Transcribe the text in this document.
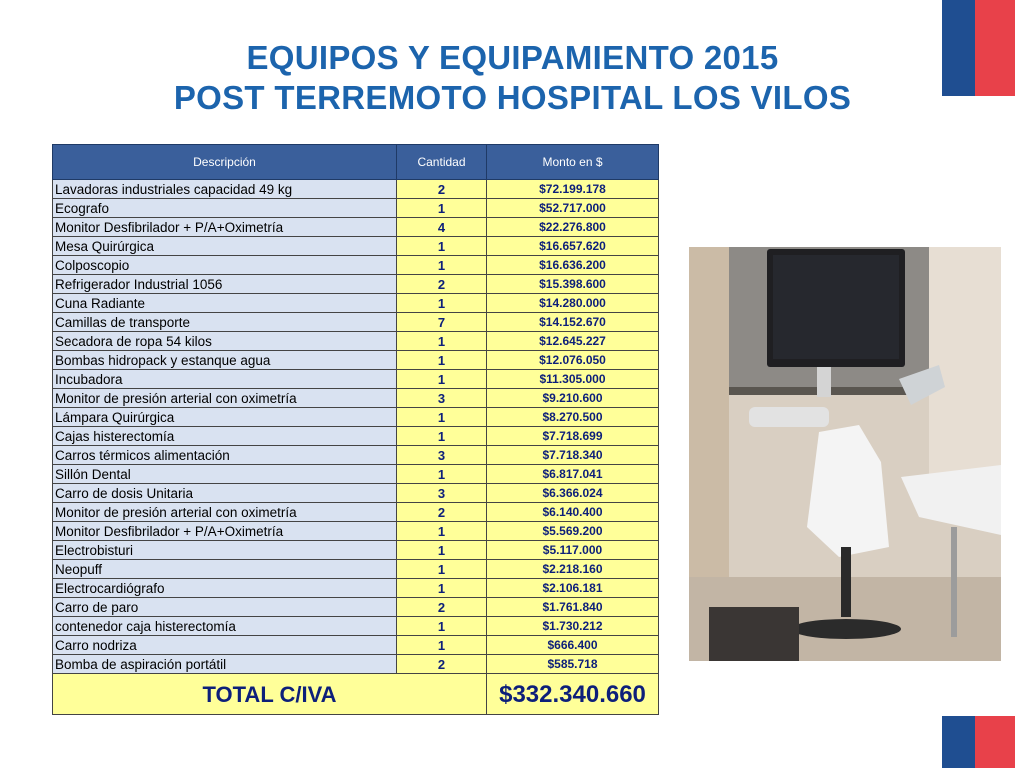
EQUIPOS Y EQUIPAMIENTO 2015
POST TERREMOTO HOSPITAL LOS VILOS
Descripción	Cantidad	Monto en $
Lavadoras industriales capacidad 49 kg	2	$72.199.178
Ecografo	1	$52.717.000
Monitor Desfibrilador + P/A+Oximetría	4	$22.276.800
Mesa Quirúrgica	1	$16.657.620
Colposcopio	1	$16.636.200
Refrigerador Industrial 1056	2	$15.398.600
Cuna Radiante	1	$14.280.000
Camillas de transporte	7	$14.152.670
Secadora de ropa 54 kilos	1	$12.645.227
Bombas hidropack y estanque agua	1	$12.076.050
Incubadora	1	$11.305.000
Monitor de presión arterial con oximetría	3	$9.210.600
Lámpara Quirúrgica	1	$8.270.500
Cajas histerectomía	1	$7.718.699
Carros térmicos alimentación	3	$7.718.340
Sillón Dental	1	$6.817.041
Carro de dosis Unitaria	3	$6.366.024
Monitor de presión arterial con oximetría	2	$6.140.400
Monitor Desfibrilador + P/A+Oximetría	1	$5.569.200
Electrobisturi	1	$5.117.000
Neopuff	1	$2.218.160
Electrocardiógrafo	1	$2.106.181
Carro de paro	2	$1.761.840
contenedor caja histerectomía	1	$1.730.212
Carro nodriza	1	$666.400
Bomba de aspiración portátil	2	$585.718
TOTAL C/IVA		$332.340.660
